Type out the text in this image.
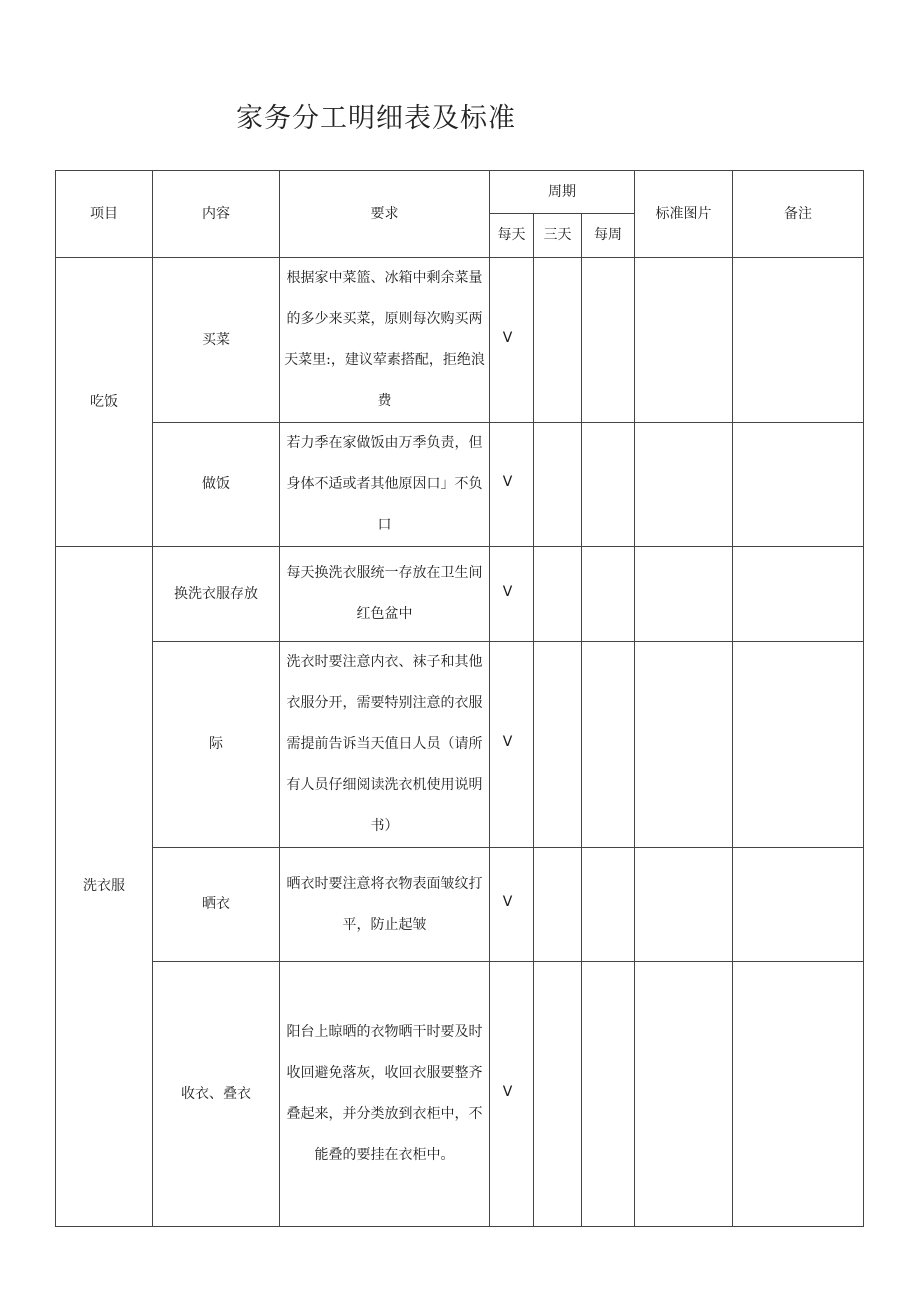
家务分工明细表及标准
项目	内容	要求	周期			标准图片	备注
			每天	三天	每周		
吃饭	买菜	根据家中菜篮、冰箱中剩余菜量的多少来买菜，原则每次购买两天菜里:，建议荤素搭配，拒绝浪费	V				
	做饭	若力季在家做饭由万季负责，但身体不适或者其他原因口」不负口	V				
洗衣服	换洗衣服存放	每天换洗衣服统一存放在卫生间红色盆中	V				
	际	洗衣时要注意内衣、袜子和其他衣服分开，需要特别注意的衣服需提前告诉当天值日人员（请所有人员仔细阅读洗衣机使用说明书）	V				
	晒衣	晒衣时要注意将衣物表面皱纹打平，防止起皱	V				
	收衣、叠衣	阳台上晾晒的衣物晒干时要及时收回避免落灰，收回衣服要整齐叠起来，并分类放到衣柜中，不能叠的要挂在衣柜中。	V				
